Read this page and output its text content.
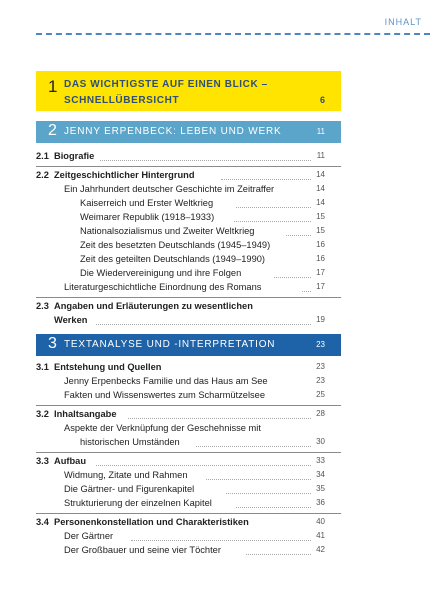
INHALT
1 DAS WICHTIGSTE AUF EINEN BLICK –
SCHNELLÜBERSICHT	6
2 JENNY ERPENBECK: LEBEN UND WERK	11
2.1 Biografie	11
2.2 Zeitgeschichtlicher Hintergrund	14
Ein Jahrhundert deutscher Geschichte im Zeitraffer	14
Kaiserreich und Erster Weltkrieg	14
Weimarer Republik (1918–1933)	15
Nationalsozialismus und Zweiter Weltkrieg	15
Zeit des besetzten Deutschlands (1945–1949)	16
Zeit des geteilten Deutschlands (1949–1990)	16
Die Wiedervereinigung und ihre Folgen	17
Literaturgeschichtliche Einordnung des Romans	17
2.3 Angaben und Erläuterungen zu wesentlichen
Werken	19
3 TEXTANALYSE UND -INTERPRETATION	23
3.1 Entstehung und Quellen	23
Jenny Erpenbecks Familie und das Haus am See	23
Fakten und Wissenswertes zum Scharmützelsee	25
3.2 Inhaltsangabe	28
Aspekte der Verknüpfung der Geschehnisse mit
historischen Umständen	30
3.3 Aufbau	33
Widmung, Zitate und Rahmen	34
Die Gärtner- und Figurenkapitel	35
Strukturierung der einzelnen Kapitel	36
3.4 Personenkonstellation und Charakteristiken	40
Der Gärtner	41
Der Großbauer und seine vier Töchter	42
